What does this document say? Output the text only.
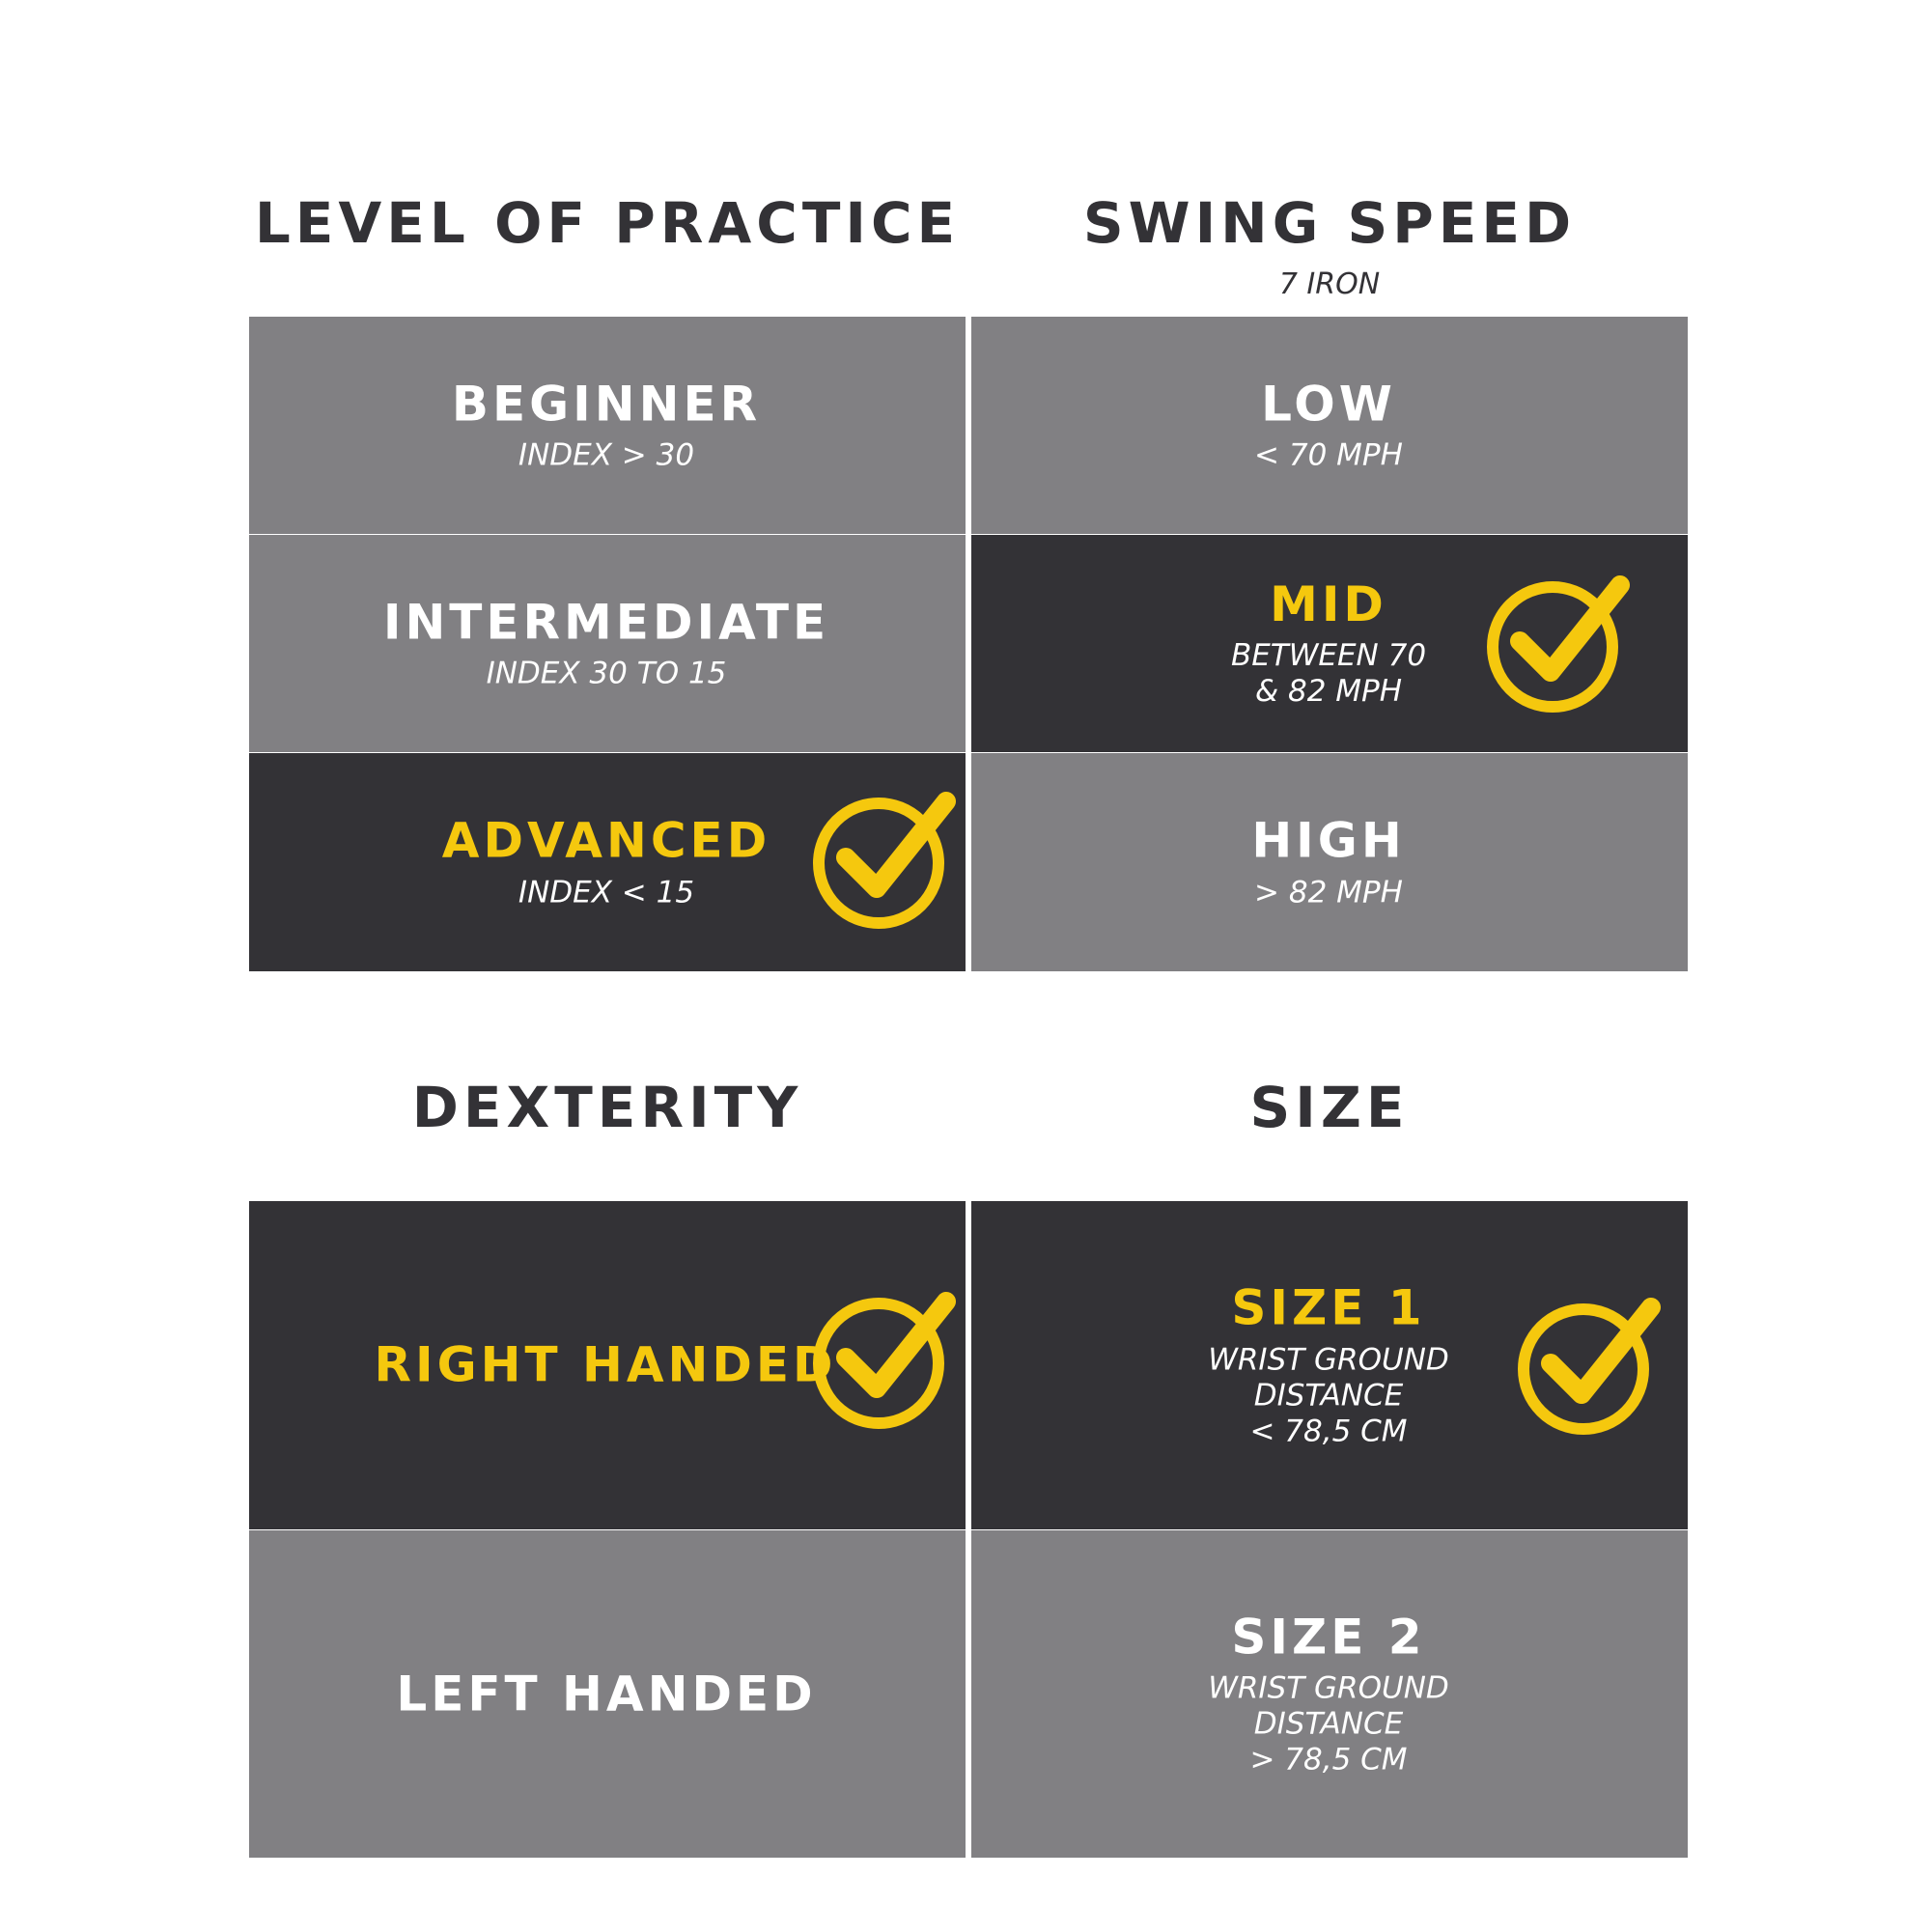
LEVEL OF PRACTICE
BEGINNER
INDEX > 30
INTERMEDIATE
INDEX 30 TO 15
ADVANCED
INDEX < 15
SWING SPEED
7 IRON
LOW
< 70 MPH
MID
BETWEEN 70
& 82 MPH
HIGH
> 82 MPH
DEXTERITY
RIGHT HANDED
LEFT HANDED
SIZE
SIZE 1
WRIST GROUND
DISTANCE
< 78,5 CM
SIZE 2
WRIST GROUND
DISTANCE
> 78,5 CM
